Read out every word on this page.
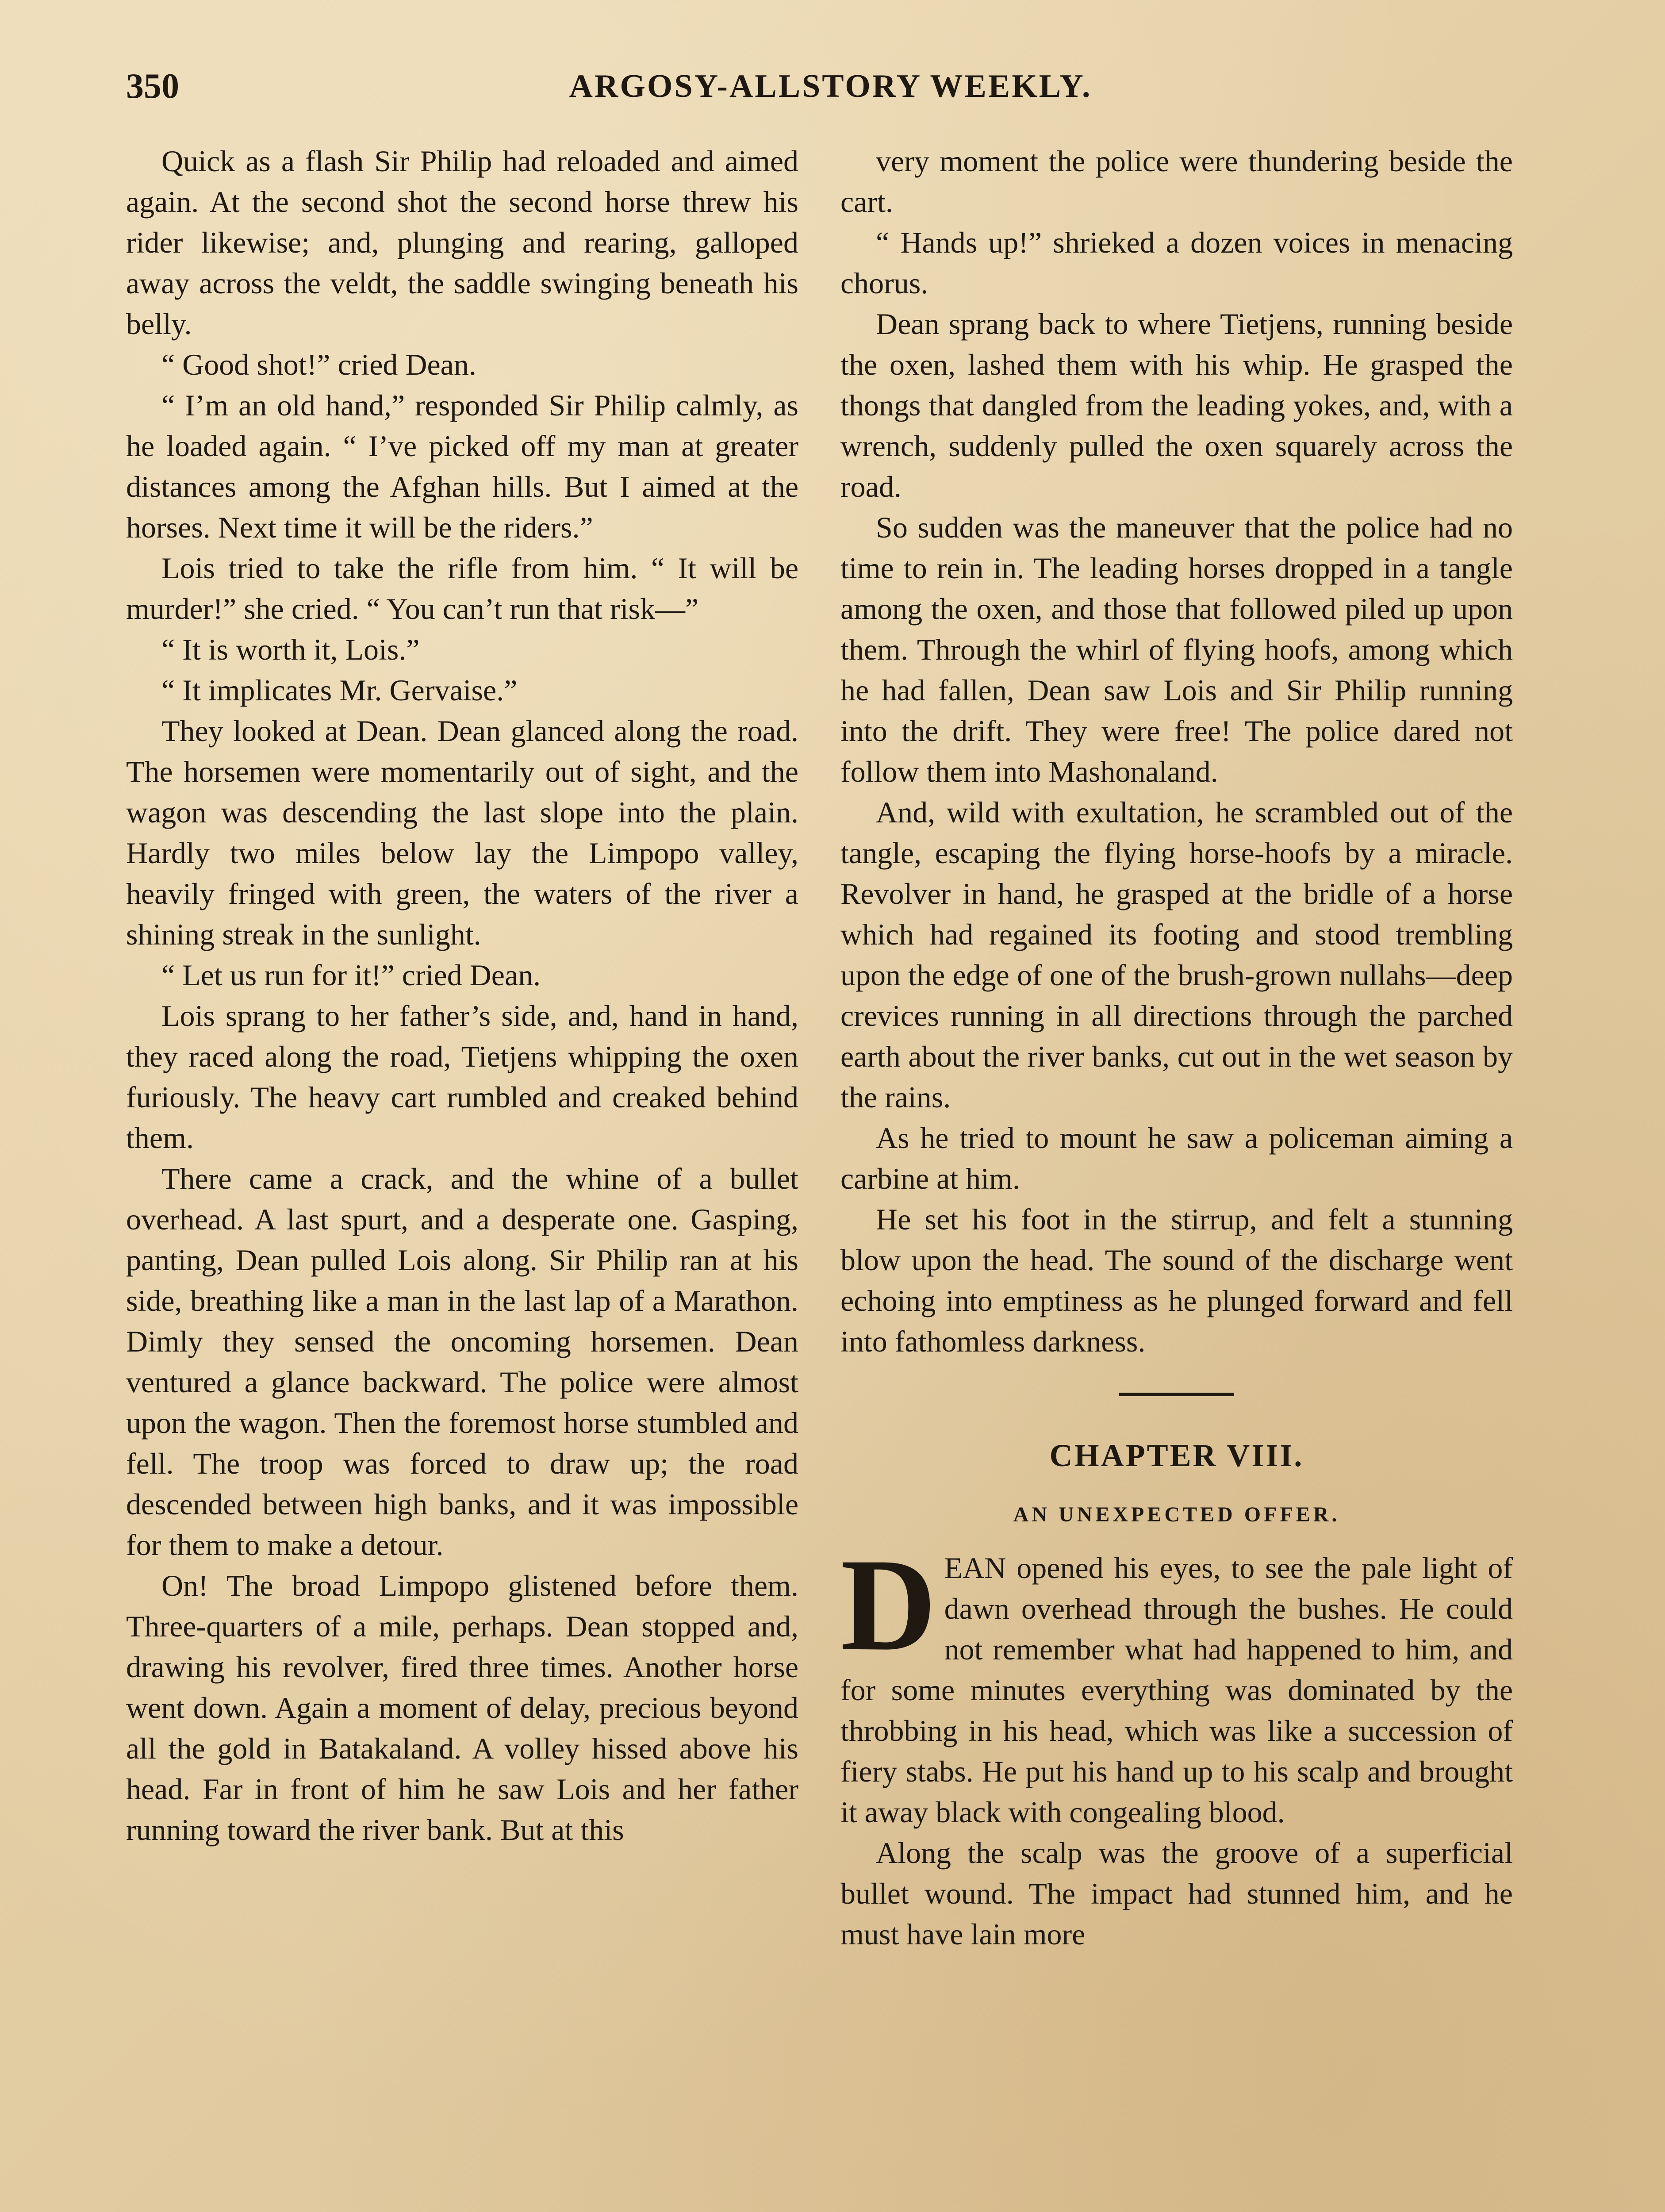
350	ARGOSY-ALLSTORY WEEKLY.

Quick as a flash Sir Philip had reloaded and aimed again. At the second shot the second horse threw his rider likewise; and, plunging and rearing, galloped away across the veldt, the saddle swinging beneath his belly.

“ Good shot!” cried Dean.

“ I’m an old hand,” responded Sir Philip calmly, as he loaded again. “ I’ve picked off my man at greater distances among the Afghan hills. But I aimed at the horses. Next time it will be the riders.”

Lois tried to take the rifle from him. “ It will be murder!” she cried. “ You can’t run that risk—”

“ It is worth it, Lois.”

“ It implicates Mr. Gervaise.”

They looked at Dean. Dean glanced along the road. The horsemen were momentarily out of sight, and the wagon was descending the last slope into the plain. Hardly two miles below lay the Limpopo valley, heavily fringed with green, the waters of the river a shining streak in the sunlight.

“ Let us run for it!” cried Dean.

Lois sprang to her father’s side, and, hand in hand, they raced along the road, Tietjens whipping the oxen furiously. The heavy cart rumbled and creaked behind them.

There came a crack, and the whine of a bullet overhead. A last spurt, and a desperate one. Gasping, panting, Dean pulled Lois along. Sir Philip ran at his side, breathing like a man in the last lap of a Marathon. Dimly they sensed the oncoming horsemen. Dean ventured a glance backward. The police were almost upon the wagon. Then the foremost horse stumbled and fell. The troop was forced to draw up; the road descended between high banks, and it was impossible for them to make a detour.

On! The broad Limpopo glistened before them. Three-quarters of a mile, perhaps. Dean stopped and, drawing his revolver, fired three times. Another horse went down. Again a moment of delay, precious beyond all the gold in Batakaland. A volley hissed above his head. Far in front of him he saw Lois and her father running toward the river bank. But at this

very moment the police were thundering beside the cart.

“ Hands up!” shrieked a dozen voices in menacing chorus.

Dean sprang back to where Tietjens, running beside the oxen, lashed them with his whip. He grasped the thongs that dangled from the leading yokes, and, with a wrench, suddenly pulled the oxen squarely across the road.

So sudden was the maneuver that the police had no time to rein in. The leading horses dropped in a tangle among the oxen, and those that followed piled up upon them. Through the whirl of flying hoofs, among which he had fallen, Dean saw Lois and Sir Philip running into the drift. They were free! The police dared not follow them into Mashonaland.

And, wild with exultation, he scrambled out of the tangle, escaping the flying horse-hoofs by a miracle. Revolver in hand, he grasped at the bridle of a horse which had regained its footing and stood trembling upon the edge of one of the brush-grown nullahs—deep crevices running in all directions through the parched earth about the river banks, cut out in the wet season by the rains.

As he tried to mount he saw a policeman aiming a carbine at him.

He set his foot in the stirrup, and felt a stunning blow upon the head. The sound of the discharge went echoing into emptiness as he plunged forward and fell into fathomless darkness.

CHAPTER VIII.
AN UNEXPECTED OFFER.

DEAN opened his eyes, to see the pale light of dawn overhead through the bushes. He could not remember what had happened to him, and for some minutes everything was dominated by the throbbing in his head, which was like a succession of fiery stabs. He put his hand up to his scalp and brought it away black with congealing blood.

Along the scalp was the groove of a superficial bullet wound. The impact had stunned him, and he must have lain more
